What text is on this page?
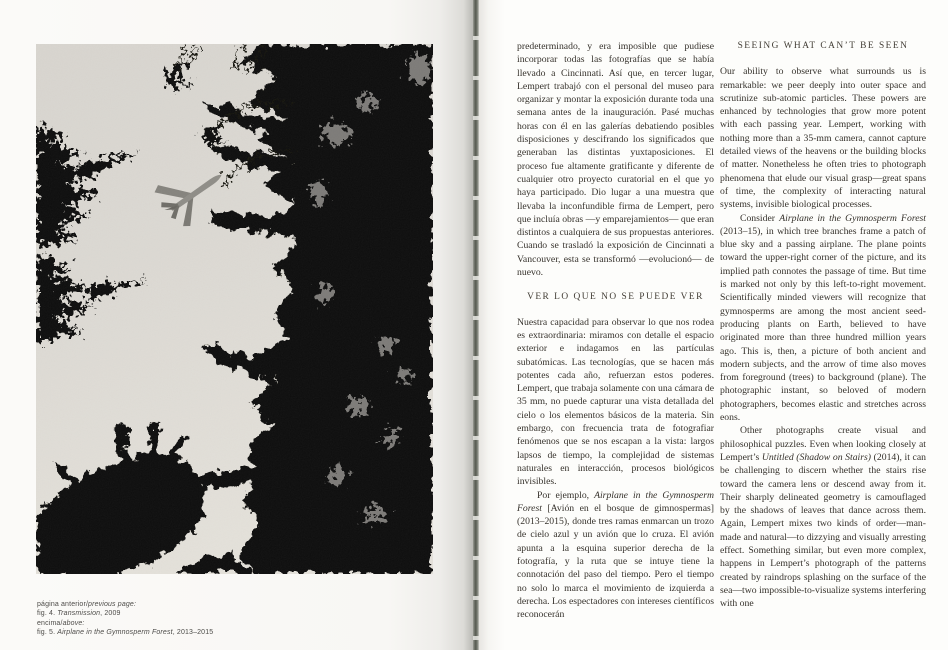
página anterior/previous page:
fig. 4. Transmission, 2009
encima/above:
fig. 5. Airplane in the Gymnosperm Forest, 2013–2015

predeterminado, y era imposible que pudiese incorporar todas las fotografías que se había llevado a Cincinnati. Así que, en tercer lugar, Lempert trabajó con el personal del museo para organizar y montar la exposición durante toda una semana antes de la inauguración. Pasé muchas horas con él en las galerías debatiendo posibles disposiciones y descifrando los significados que generaban las distintas yuxtaposiciones. El proceso fue altamente gratificante y diferente de cualquier otro proyecto curatorial en el que yo haya participado. Dio lugar a una muestra que llevaba la inconfundible firma de Lempert, pero que incluía obras —y emparejamientos— que eran distintos a cualquiera de sus propuestas anteriores. Cuando se trasladó la exposición de Cincinnati a Vancouver, esta se transformó —evolucionó— de nuevo.

VER LO QUE NO SE PUEDE VER

Nuestra capacidad para observar lo que nos rodea es extraordinaria: miramos con detalle el espacio exterior e indagamos en las partículas subatómicas. Las tecnologías, que se hacen más potentes cada año, refuerzan estos poderes. Lempert, que trabaja solamente con una cámara de 35 mm, no puede capturar una vista detallada del cielo o los elementos básicos de la materia. Sin embargo, con frecuencia trata de fotografiar fenómenos que se nos escapan a la vista: largos lapsos de tiempo, la complejidad de sistemas naturales en interacción, procesos biológicos invisibles.

Por ejemplo, Airplane in the Gymnosperm Forest [Avión en el bosque de gimnospermas] (2013–2015), donde tres ramas enmarcan un trozo de cielo azul y un avión que lo cruza. El avión apunta a la esquina superior derecha de la fotografía, y la ruta que se intuye tiene la connotación del paso del tiempo. Pero el tiempo no solo lo marca el movimiento de izquierda a derecha. Los espectadores con intereses científicos reconocerán

SEEING WHAT CAN’T BE SEEN

Our ability to observe what surrounds us is remarkable: we peer deeply into outer space and scrutinize sub-atomic particles. These powers are enhanced by technologies that grow more potent with each passing year. Lempert, working with nothing more than a 35-mm camera, cannot capture detailed views of the heavens or the building blocks of matter. Nonetheless he often tries to photograph phenomena that elude our visual grasp—great spans of time, the complexity of interacting natural systems, invisible biological processes.

Consider Airplane in the Gymnosperm Forest (2013–15), in which tree branches frame a patch of blue sky and a passing airplane. The plane points toward the upper-right corner of the picture, and its implied path connotes the passage of time. But time is marked not only by this left-to-right movement. Scientifically minded viewers will recognize that gymnosperms are among the most ancient seed-producing plants on Earth, believed to have originated more than three hundred million years ago. This is, then, a picture of both ancient and modern subjects, and the arrow of time also moves from foreground (trees) to background (plane). The photographic instant, so beloved of modern photographers, becomes elastic and stretches across eons.

Other photographs create visual and philosophical puzzles. Even when looking closely at Lempert’s Untitled (Shadow on Stairs) (2014), it can be challenging to discern whether the stairs rise toward the camera lens or descend away from it. Their sharply delineated geometry is camouflaged by the shadows of leaves that dance across them. Again, Lempert mixes two kinds of order—man-made and natural—to dizzying and visually arresting effect. Something similar, but even more complex, happens in Lempert’s photograph of the patterns created by raindrops splashing on the surface of the sea—two impossible-to-visualize systems interfering with one
